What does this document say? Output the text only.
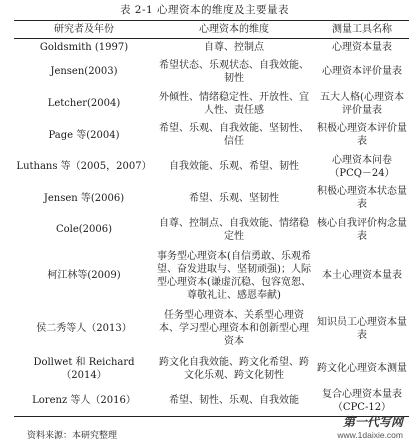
表 2-1 心理资本的维度及主要量表
研究者及年份	心理资本的维度	测量工具名称
Goldsmith (1997)	自尊、控制点	心理资本量表
Jensen(2003)	希望状态、乐观状态、自我效能、韧性	心理资本评价量表
Letcher(2004)	外倾性、情绪稳定性、开放性、宜人性、责任感	五大人格(心理资本评价量表
Page 等(2004)	希望、乐观、自我效能、坚韧性、信任	积极心理资本评价量表
Luthans 等（2005，2007）	自我效能、乐观、希望、韧性	心理资本问卷（PCQ－24）
Jensen 等(2006)	希望、乐观、坚韧性	积极心理资本状态量表
Cole(2006)	自尊、控制点、自我效能、情绪稳定性	核心自我评价构念量表
柯江林等(2009)	事务型心理资本(自信勇敢、乐观希望、奋发进取与、坚韧顽强)；人际型心理资本(谦虚沉稳、包容宽恕、尊敬礼让、感恩奉献)	本土心理资本量表
侯二秀等人（2013）	任务型心理资本、关系型心理资本、学习型心理资本和创新型心理资本	知识员工心理资本量表
Dollwet 和 Reichard（2014）	跨文化自我效能、跨文化希望、跨文化乐观、跨文化韧性	跨文化心理资本测量
Lorenz 等人（2016）	希望、韧性、乐观、自我效能	复合心理资本量表（CPC-12）
资料来源：本研究整理
第一代写网
www.1daixie.com
